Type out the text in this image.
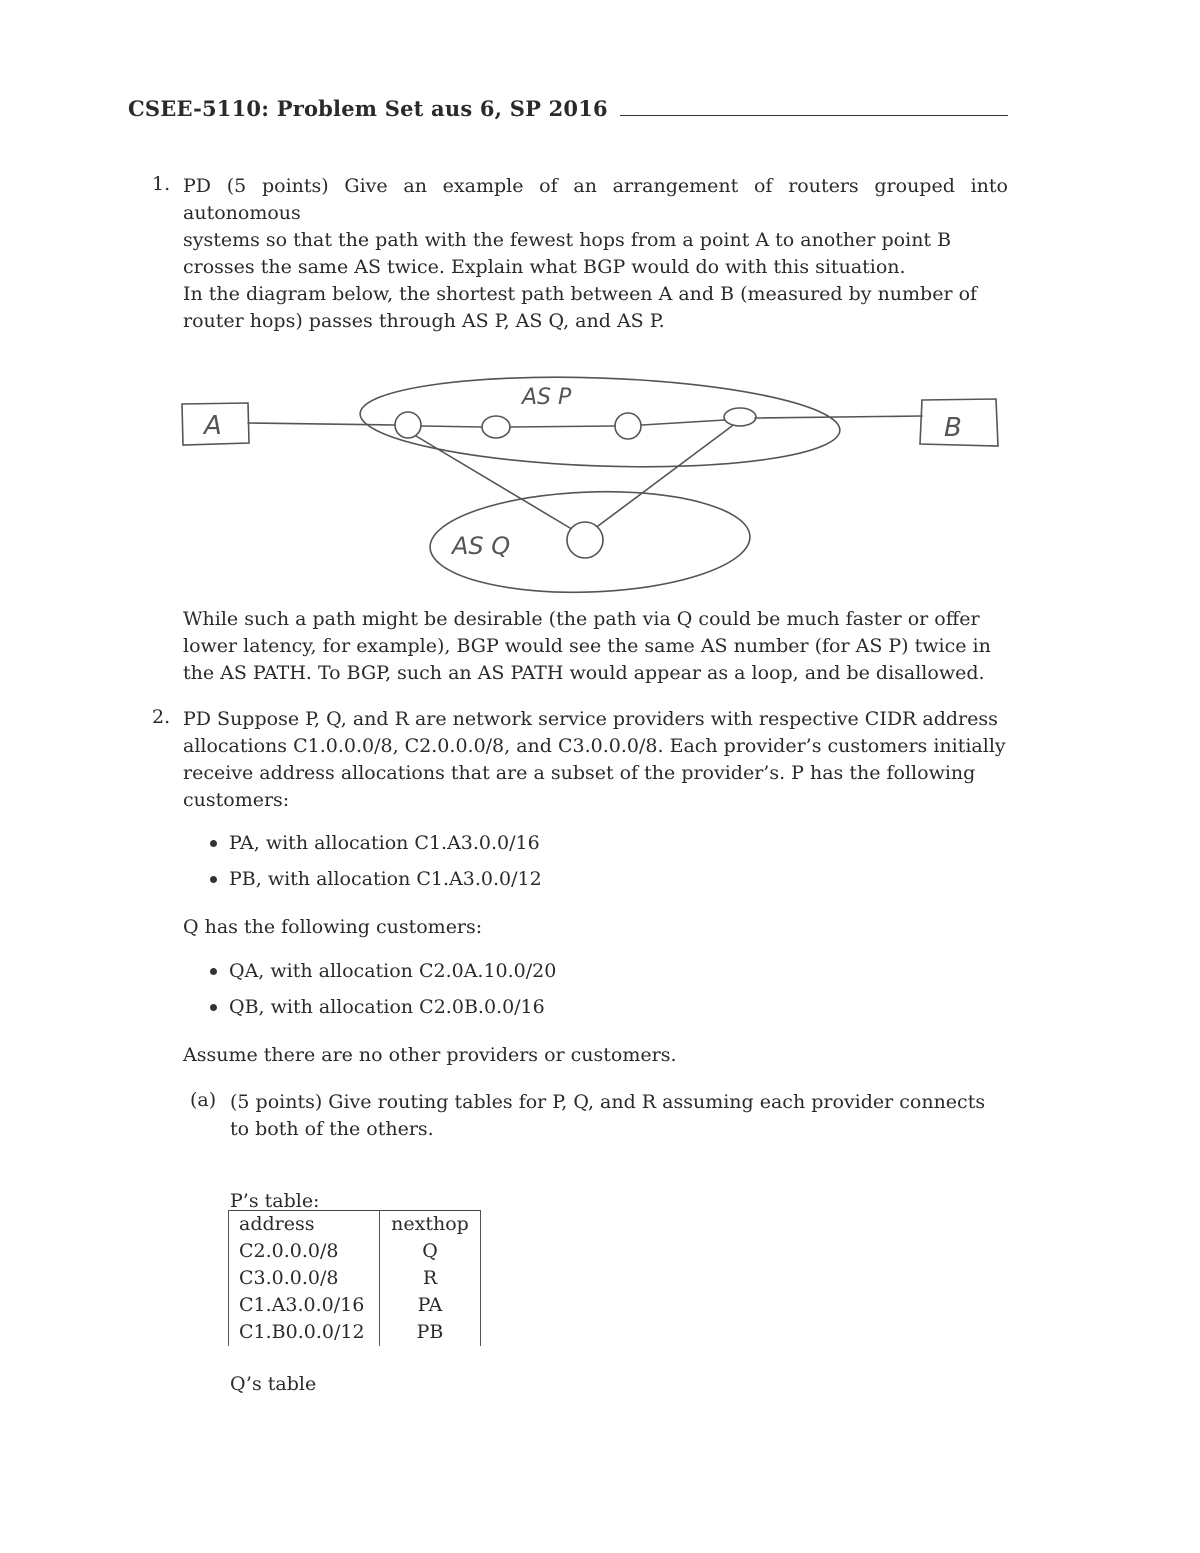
CSEE-5110: Problem Set aus 6, SP 2016
1. PD (5 points) Give an example of an arrangement of routers grouped into autonomous
systems so that the path with the fewest hops from a point A to another point B
crosses the same AS twice. Explain what BGP would do with this situation.
In the diagram below, the shortest path between A and B (measured by number of
router hops) passes through AS P, AS Q, and AS P.
A	B
AS P
AS Q
While such a path might be desirable (the path via Q could be much faster or offer
lower latency, for example), BGP would see the same AS number (for AS P) twice in
the AS PATH. To BGP, such an AS PATH would appear as a loop, and be disallowed.
2. PD Suppose P, Q, and R are network service providers with respective CIDR address
allocations C1.0.0.0/8, C2.0.0.0/8, and C3.0.0.0/8. Each provider’s customers initially
receive address allocations that are a subset of the provider’s. P has the following
customers:
PA, with allocation C1.A3.0.0/16
PB, with allocation C1.A3.0.0/12
Q has the following customers:
QA, with allocation C2.0A.10.0/20
QB, with allocation C2.0B.0.0/16
Assume there are no other providers or customers.
(a) (5 points) Give routing tables for P, Q, and R assuming each provider connects
to both of the others.
P’s table:
address	nexthop
C2.0.0.0/8	Q
C3.0.0.0/8	R
C1.A3.0.0/16	PA
C1.B0.0.0/12	PB
Q’s table
